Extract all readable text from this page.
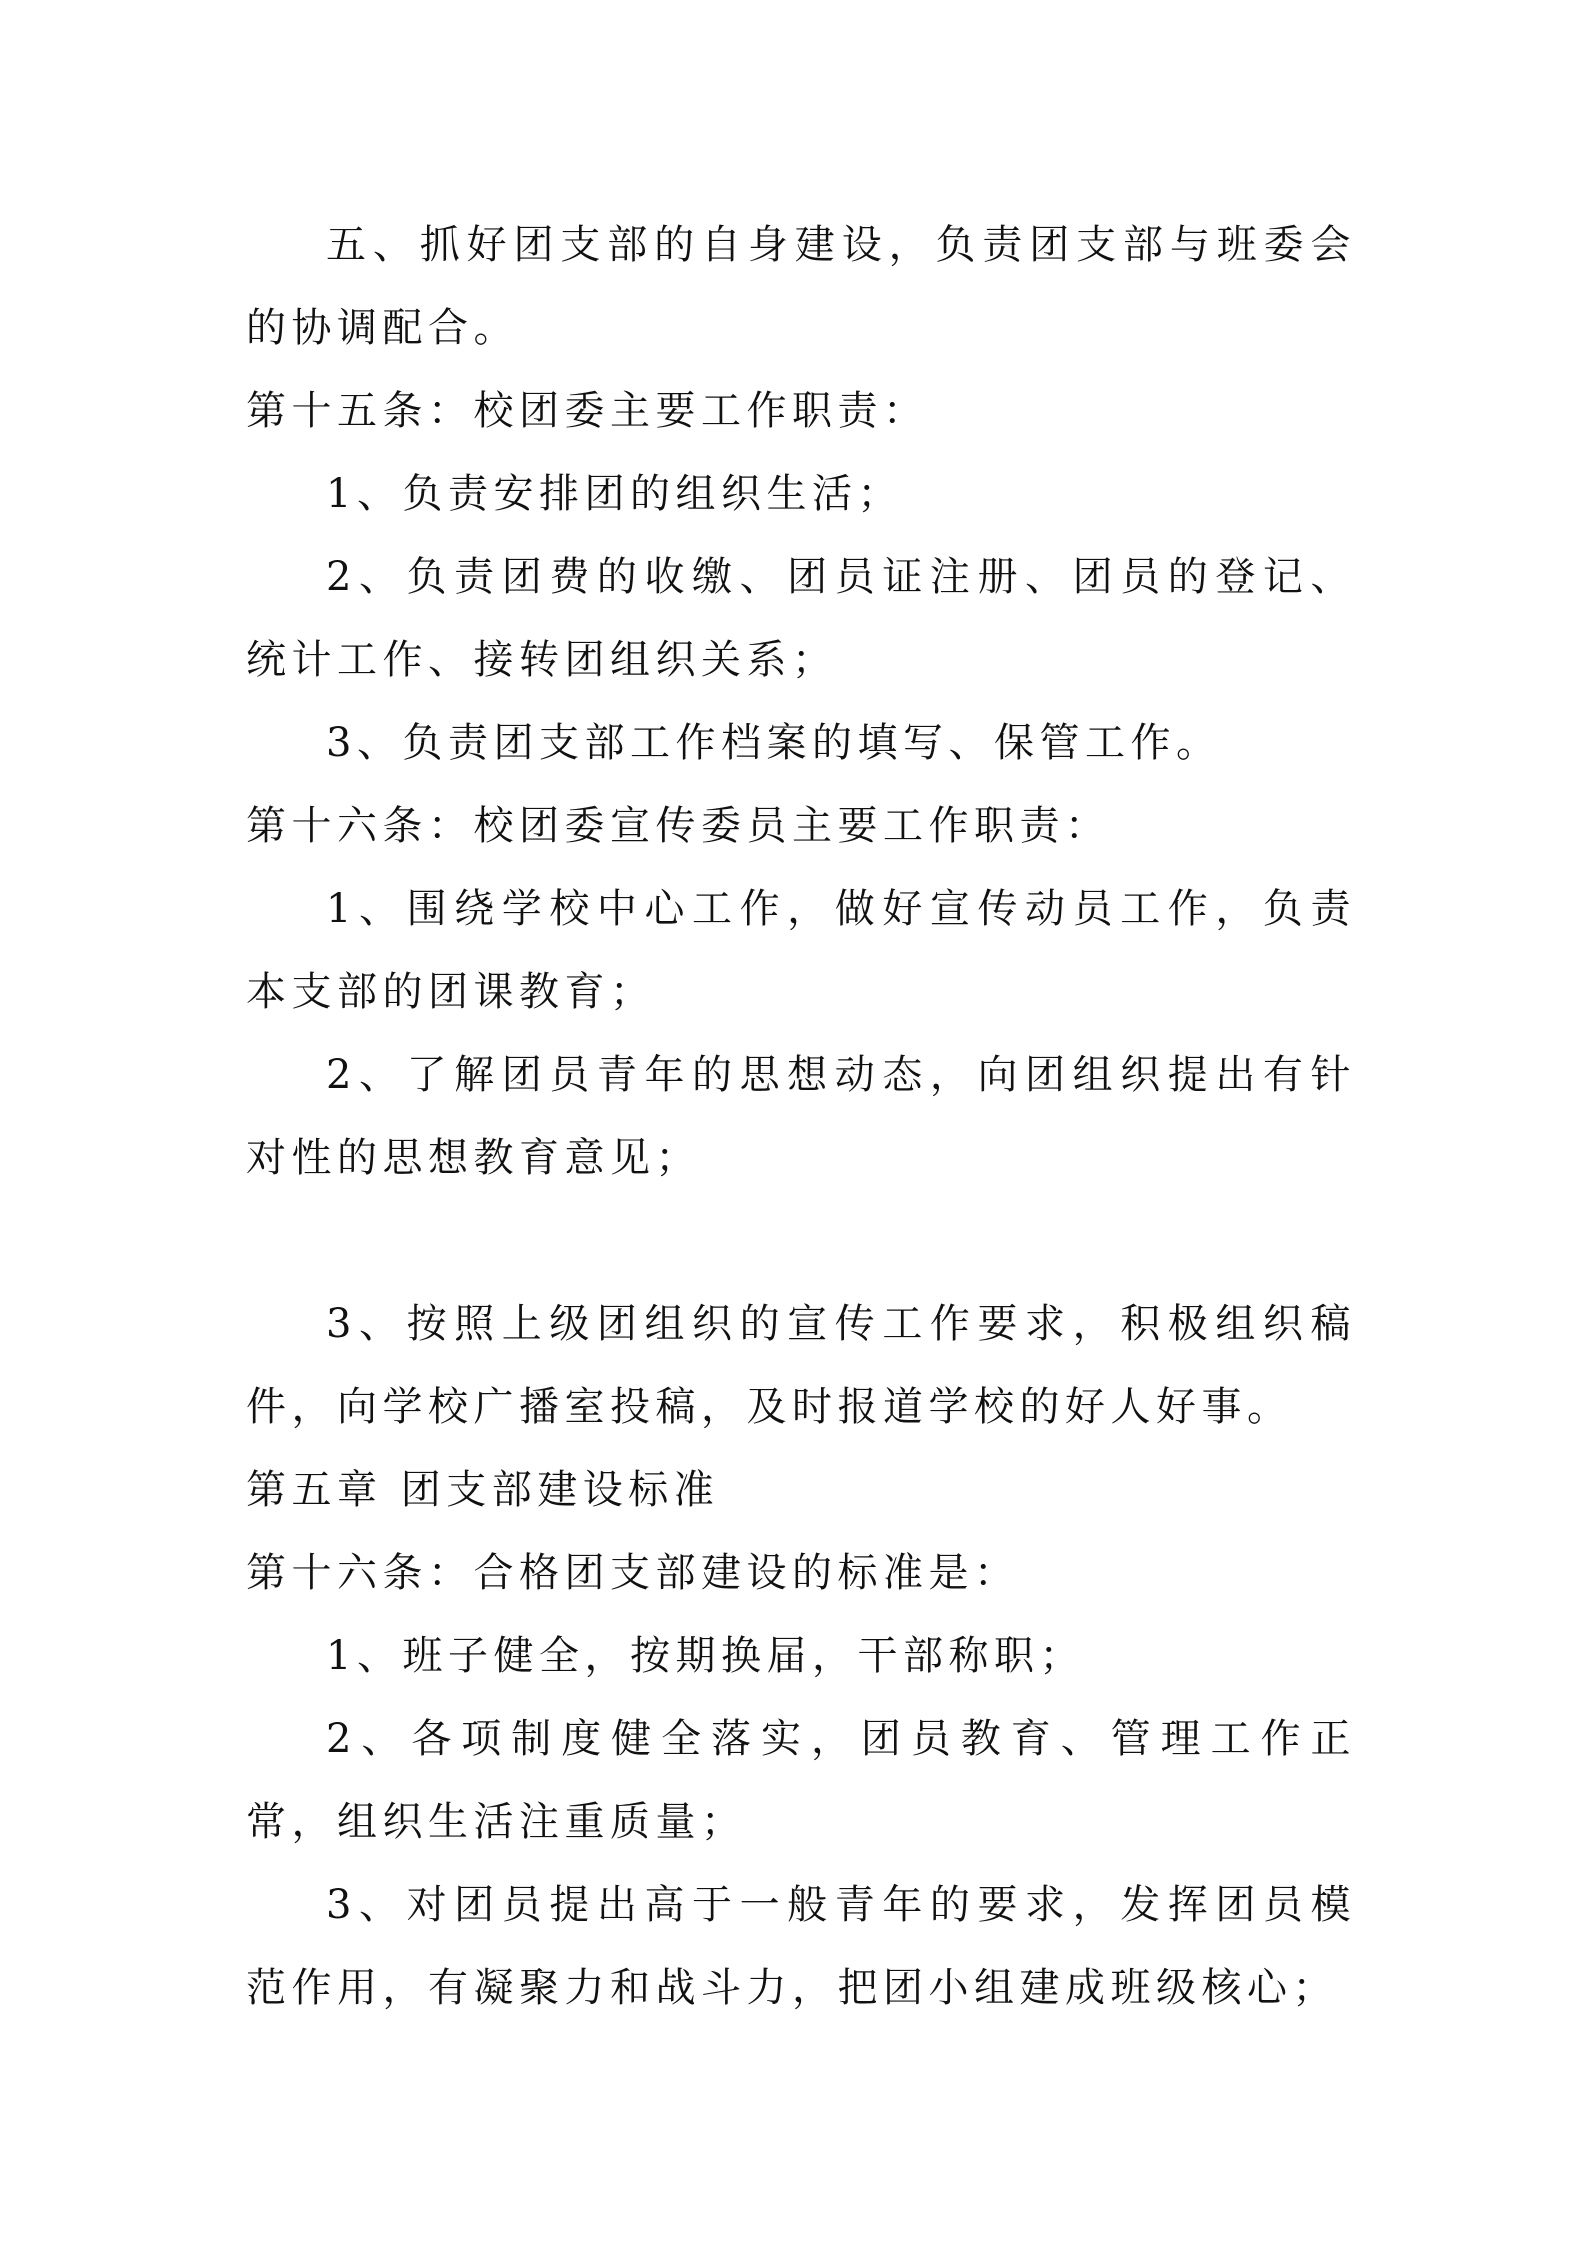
五、抓好团支部的自身建设，负责团支部与班委会的协调配合。

第十五条：校团委主要工作职责：

1、负责安排团的组织生活；

2、负责团费的收缴、团员证注册、团员的登记、统计工作、接转团组织关系；

3、负责团支部工作档案的填写、保管工作。

第十六条：校团委宣传委员主要工作职责：

1、围绕学校中心工作，做好宣传动员工作，负责本支部的团课教育；

2、了解团员青年的思想动态，向团组织提出有针对性的思想教育意见；

3、按照上级团组织的宣传工作要求，积极组织稿件，向学校广播室投稿，及时报道学校的好人好事。

第五章 团支部建设标准

第十六条：合格团支部建设的标准是：

1、班子健全，按期换届，干部称职；

2、各项制度健全落实，团员教育、管理工作正常，组织生活注重质量；

3、对团员提出高于一般青年的要求，发挥团员模范作用，有凝聚力和战斗力，把团小组建成班级核心；
